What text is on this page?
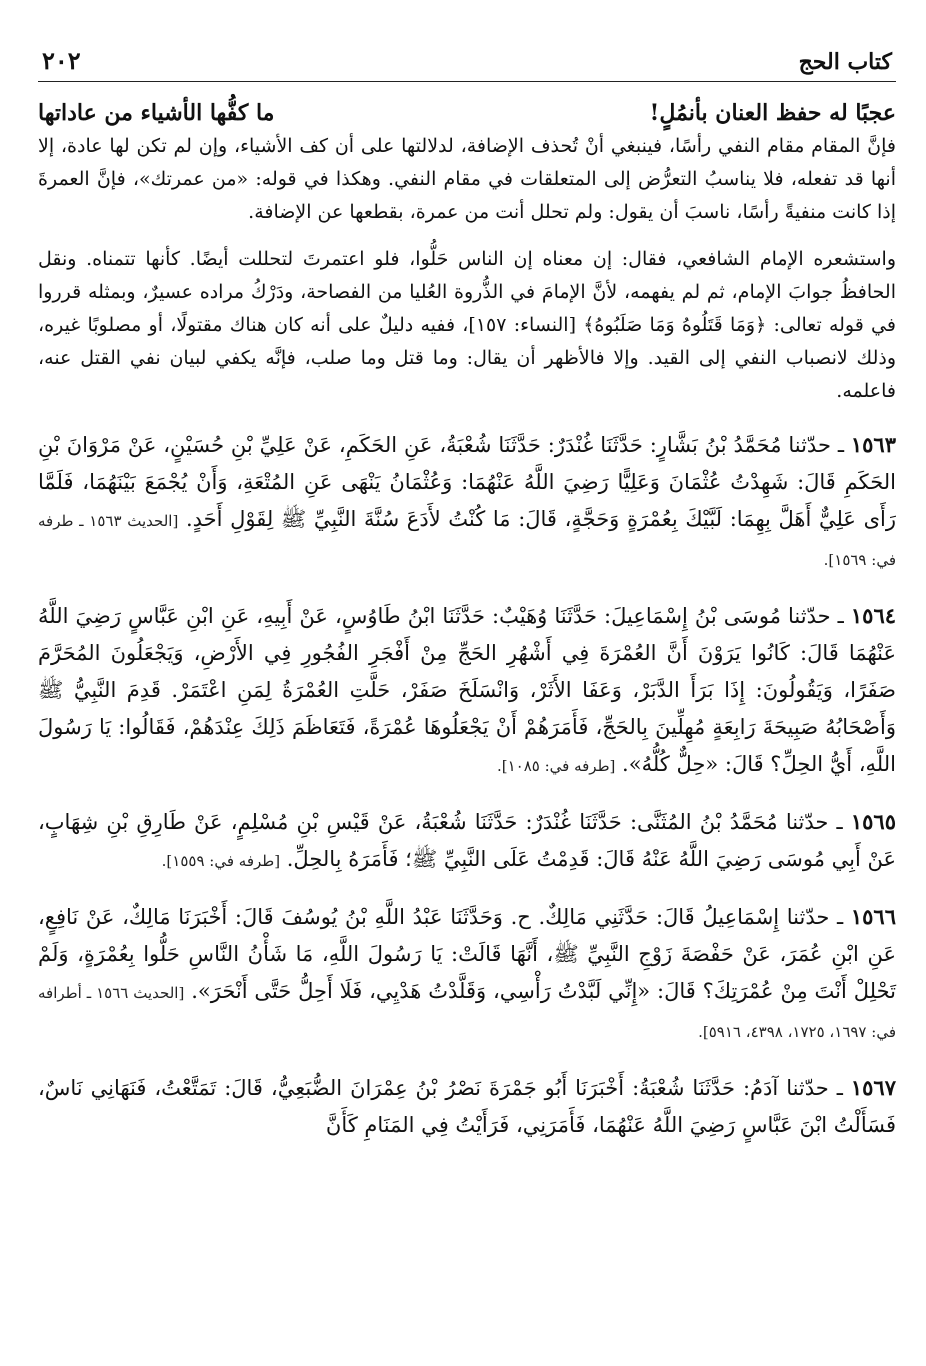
٢٠٢	كتاب الحج
عجبًا له حفظ العنان بأنمُلٍ!
ما كفُّها الأشياء من عاداتها

فإنَّ المقام مقام النفي رأسًا، فينبغي أنْ تُحذف الإضافة، لدلالتها على أن كف الأشياء، وإن لم تكن لها عادة، إلا أنها قد تفعله، فلا يناسبُ التعرُّض إلى المتعلقات في مقام النفي. وهكذا في قوله: «من عمرتك»، فإنَّ العمرةَ إذا كانت منفيةً رأسًا، ناسبَ أن يقول: ولم تحلل أنت من عمرة، بقطعها عن الإضافة.

واستشعره الإمام الشافعي، فقال: إن معناه إن الناس حَلُّوا، فلو اعتمرتَ لتحللت أيضًا. كأنها تتمناه. ونقل الحافظُ جوابَ الإمام، ثم لم يفهمه، لأنَّ الإمامَ في الذُّروة العُليا من الفصاحة، ودَرْكُ مراده عسيرٌ، وبمثله قرروا في قوله تعالى: ﴿وَمَا قَتَلُوهُ وَمَا صَلَبُوهُ﴾ [النساء: ١٥٧]، ففيه دليلٌ على أنه كان هناك مقتولًا، أو مصلوبًا غيره، وذلك لانصباب النفي إلى القيد. وإلا فالأظهر أن يقال: وما قتل وما صلب، فإنَّه يكفي لبيان نفي القتل عنه، فاعلمه.

١٥٦٣ ـ حدّثنا مُحَمَّدُ بْنُ بَشَّارٍ: حَدَّثَنَا غُنْدَرٌ: حَدَّثَنَا شُعْبَةُ، عَنِ الحَكَمِ، عَنْ عَلِيِّ بْنِ حُسَيْنٍ، عَنْ مَرْوَانَ بْنِ الحَكَمِ قَالَ: شَهِدْتُ عُثْمَانَ وَعَلِيًّا رَضِيَ اللَّهُ عَنْهُمَا: وَعُثْمَانُ يَنْهَى عَنِ المُتْعَةِ، وَأَنْ يُجْمَعَ بَيْنَهُمَا، فَلَمَّا رَأَى عَلِيٌّ أَهَلَّ بِهِمَا: لَبَّيْكَ بِعُمْرَةٍ وَحَجَّةٍ، قَالَ: مَا كُنْتُ لأَدَعَ سُنَّةَ النَّبِيِّ ﷺ لِقَوْلِ أَحَدٍ. [الحديث ١٥٦٣ ـ طرفه في: ١٥٦٩].

١٥٦٤ ـ حدّثنا مُوسَى بْنُ إِسْمَاعِيلَ: حَدَّثَنَا وُهَيْبٌ: حَدَّثَنَا ابْنُ طَاوُسٍ، عَنْ أَبِيهِ، عَنِ ابْنِ عَبَّاسٍ رَضِيَ اللَّهُ عَنْهُمَا قَالَ: كَانُوا يَرَوْنَ أَنَّ العُمْرَةَ فِي أَشْهُرِ الحَجِّ مِنْ أَفْجَرِ الفُجُورِ فِي الأَرْضِ، وَيَجْعَلُونَ المُحَرَّمَ صَفَرًا، وَيَقُولُونَ: إِذَا بَرَأَ الدَّبَرْ، وَعَفَا الأَثَرْ، وَانْسَلَخَ صَفَرْ، حَلَّتِ العُمْرَةُ لِمَنِ اعْتَمَرْ. قَدِمَ النَّبِيُّ ﷺ وَأَصْحَابُهُ صَبِيحَةَ رَابِعَةٍ مُهِلِّينَ بِالحَجِّ، فَأَمَرَهُمْ أَنْ يَجْعَلُوهَا عُمْرَةً، فَتَعَاظَمَ ذَلِكَ عِنْدَهُمْ، فَقَالُوا: يَا رَسُولَ اللَّهِ، أَيُّ الحِلِّ؟ قَالَ: «حِلٌّ كُلُّهُ». [طرفه في: ١٠٨٥].

١٥٦٥ ـ حدّثنا مُحَمَّدُ بْنُ المُثَنَّى: حَدَّثَنَا غُنْدَرٌ: حَدَّثَنَا شُعْبَةُ، عَنْ قَيْسِ بْنِ مُسْلِمٍ، عَنْ طَارِقِ بْنِ شِهَابٍ، عَنْ أَبِي مُوسَى رَضِيَ اللَّهُ عَنْهُ قَالَ: قَدِمْتُ عَلَى النَّبِيِّ ﷺ؛ فَأَمَرَهُ بِالحِلِّ. [طرفه في: ١٥٥٩].

١٥٦٦ ـ حدّثنا إِسْمَاعِيلُ قَالَ: حَدَّثَنِي مَالِكٌ. ح. وَحَدَّثَنَا عَبْدُ اللَّهِ بْنُ يُوسُفَ قَالَ: أَخْبَرَنَا مَالِكٌ، عَنْ نَافِعٍ، عَنِ ابْنِ عُمَرَ، عَنْ حَفْصَةَ زَوْجِ النَّبِيِّ ﷺ، أَنَّهَا قَالَتْ: يَا رَسُولَ اللَّهِ، مَا شَأْنُ النَّاسِ حَلُّوا بِعُمْرَةٍ، وَلَمْ تَحْلِلْ أَنْتَ مِنْ عُمْرَتِكَ؟ قَالَ: «إِنِّي لَبَّدْتُ رَأْسِي، وَقَلَّدْتُ هَدْيِي، فَلَا أَحِلُّ حَتَّى أَنْحَرَ». [الحديث ١٥٦٦ ـ أطرافه في: ١٦٩٧، ١٧٢٥، ٤٣٩٨، ٥٩١٦].

١٥٦٧ ـ حدّثنا آدَمُ: حَدَّثَنَا شُعْبَةُ: أَخْبَرَنَا أَبُو جَمْرَةَ نَصْرُ بْنُ عِمْرَانَ الضُّبَعِيُّ، قَالَ: تَمَتَّعْتُ، فَنَهَانِي نَاسٌ، فَسَأَلْتُ ابْنَ عَبَّاسٍ رَضِيَ اللَّهُ عَنْهُمَا، فَأَمَرَنِي، فَرَأَيْتُ فِي المَنَامِ كَأَنَّ
